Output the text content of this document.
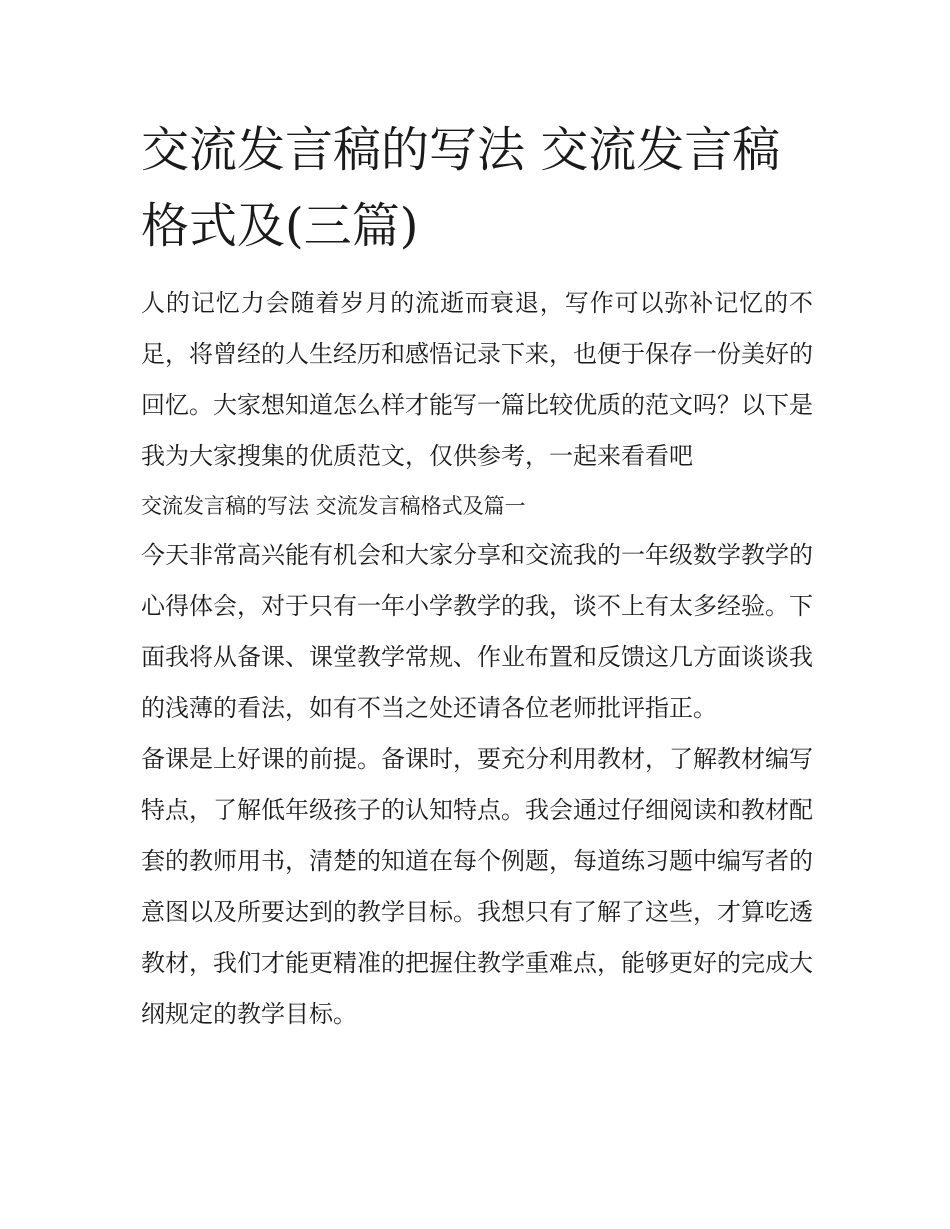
交流发言稿的写法 交流发言稿格式及(三篇)

人的记忆力会随着岁月的流逝而衰退，写作可以弥补记忆的不足，将曾经的人生经历和感悟记录下来，也便于保存一份美好的回忆。大家想知道怎么样才能写一篇比较优质的范文吗？以下是我为大家搜集的优质范文，仅供参考，一起来看看吧

交流发言稿的写法 交流发言稿格式及篇一

今天非常高兴能有机会和大家分享和交流我的一年级数学教学的心得体会，对于只有一年小学教学的我，谈不上有太多经验。下面我将从备课、课堂教学常规、作业布置和反馈这几方面谈谈我的浅薄的看法，如有不当之处还请各位老师批评指正。

备课是上好课的前提。备课时，要充分利用教材，了解教材编写特点，了解低年级孩子的认知特点。我会通过仔细阅读和教材配套的教师用书，清楚的知道在每个例题，每道练习题中编写者的意图以及所要达到的教学目标。我想只有了解了这些，才算吃透教材，我们才能更精准的把握住教学重难点，能够更好的完成大纲规定的教学目标。
